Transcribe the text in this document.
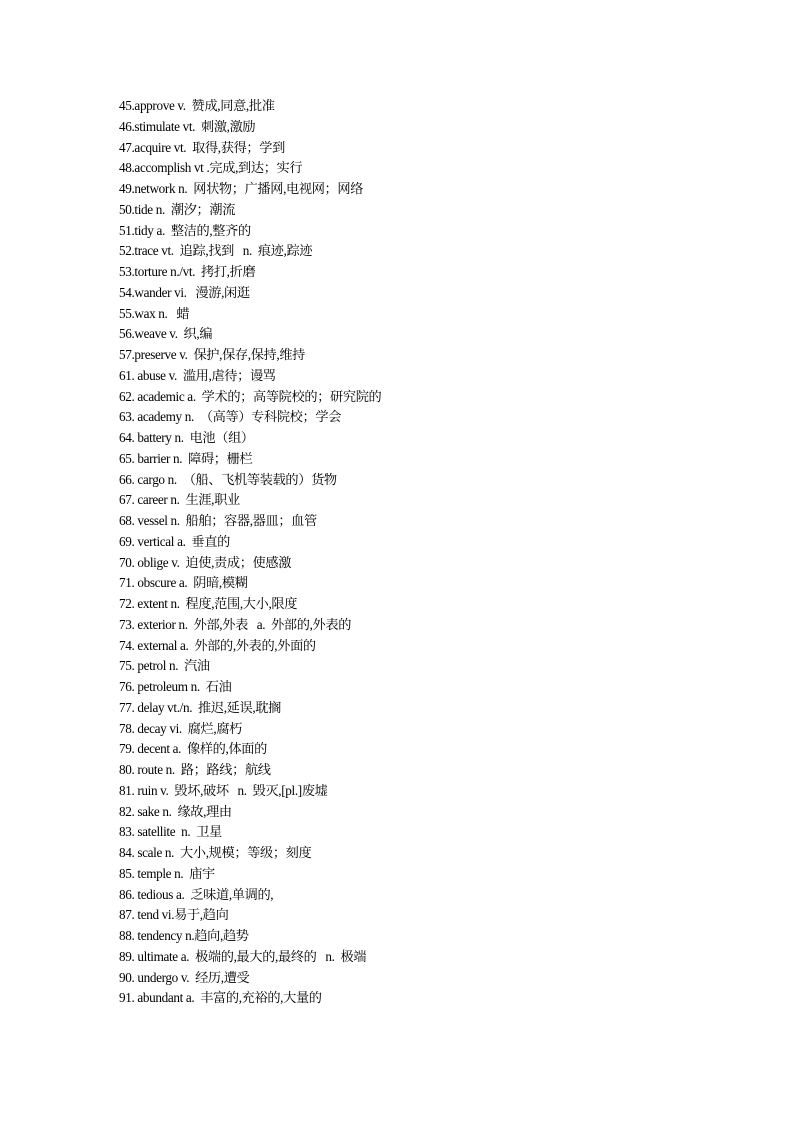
45.approve v.  赞成,同意,批准
46.stimulate vt.  刺激,激励
47.acquire vt.  取得,获得；学到
48.accomplish vt .完成,到达；实行
49.network n.  网状物；广播网,电视网；网络
50.tide n.  潮汐；潮流
51.tidy a.  整洁的,整齐的
52.trace vt.  追踪,找到   n.  痕迹,踪迹
53.torture n./vt.  拷打,折磨
54.wander vi.   漫游,闲逛
55.wax n.   蜡
56.weave v.  织,编
57.preserve v.  保护,保存,保持,维持
61. abuse v.  滥用,虐待；谩骂
62. academic a.  学术的；高等院校的；研究院的
63. academy n.  （高等）专科院校；学会
64. battery n.  电池（组）
65. barrier n.  障碍；栅栏
66. cargo n.  （船、飞机等装载的）货物
67. career n.  生涯,职业
68. vessel n.  船舶；容器,器皿；血管
69. vertical a.  垂直的
70. oblige v.  迫使,责成；使感激
71. obscure a.  阴暗,模糊
72. extent n.  程度,范围,大小,限度
73. exterior n.  外部,外表   a.  外部的,外表的
74. external a.  外部的,外表的,外面的
75. petrol n.  汽油
76. petroleum n.  石油
77. delay vt./n.  推迟,延误,耽搁
78. decay vi.  腐烂,腐朽
79. decent a.  像样的,体面的
80. route n.  路；路线；航线
81. ruin v.  毁坏,破坏   n.  毁灭,[pl.]废墟
82. sake n.  缘故,理由
83. satellite  n.  卫星
84. scale n.  大小,规模；等级；刻度
85. temple n.  庙宇
86. tedious a.  乏味道,单调的,
87. tend vi.易于,趋向
88. tendency n.趋向,趋势
89. ultimate a.  极端的,最大的,最终的   n.  极端
90. undergo v.  经历,遭受
91. abundant a.  丰富的,充裕的,大量的
